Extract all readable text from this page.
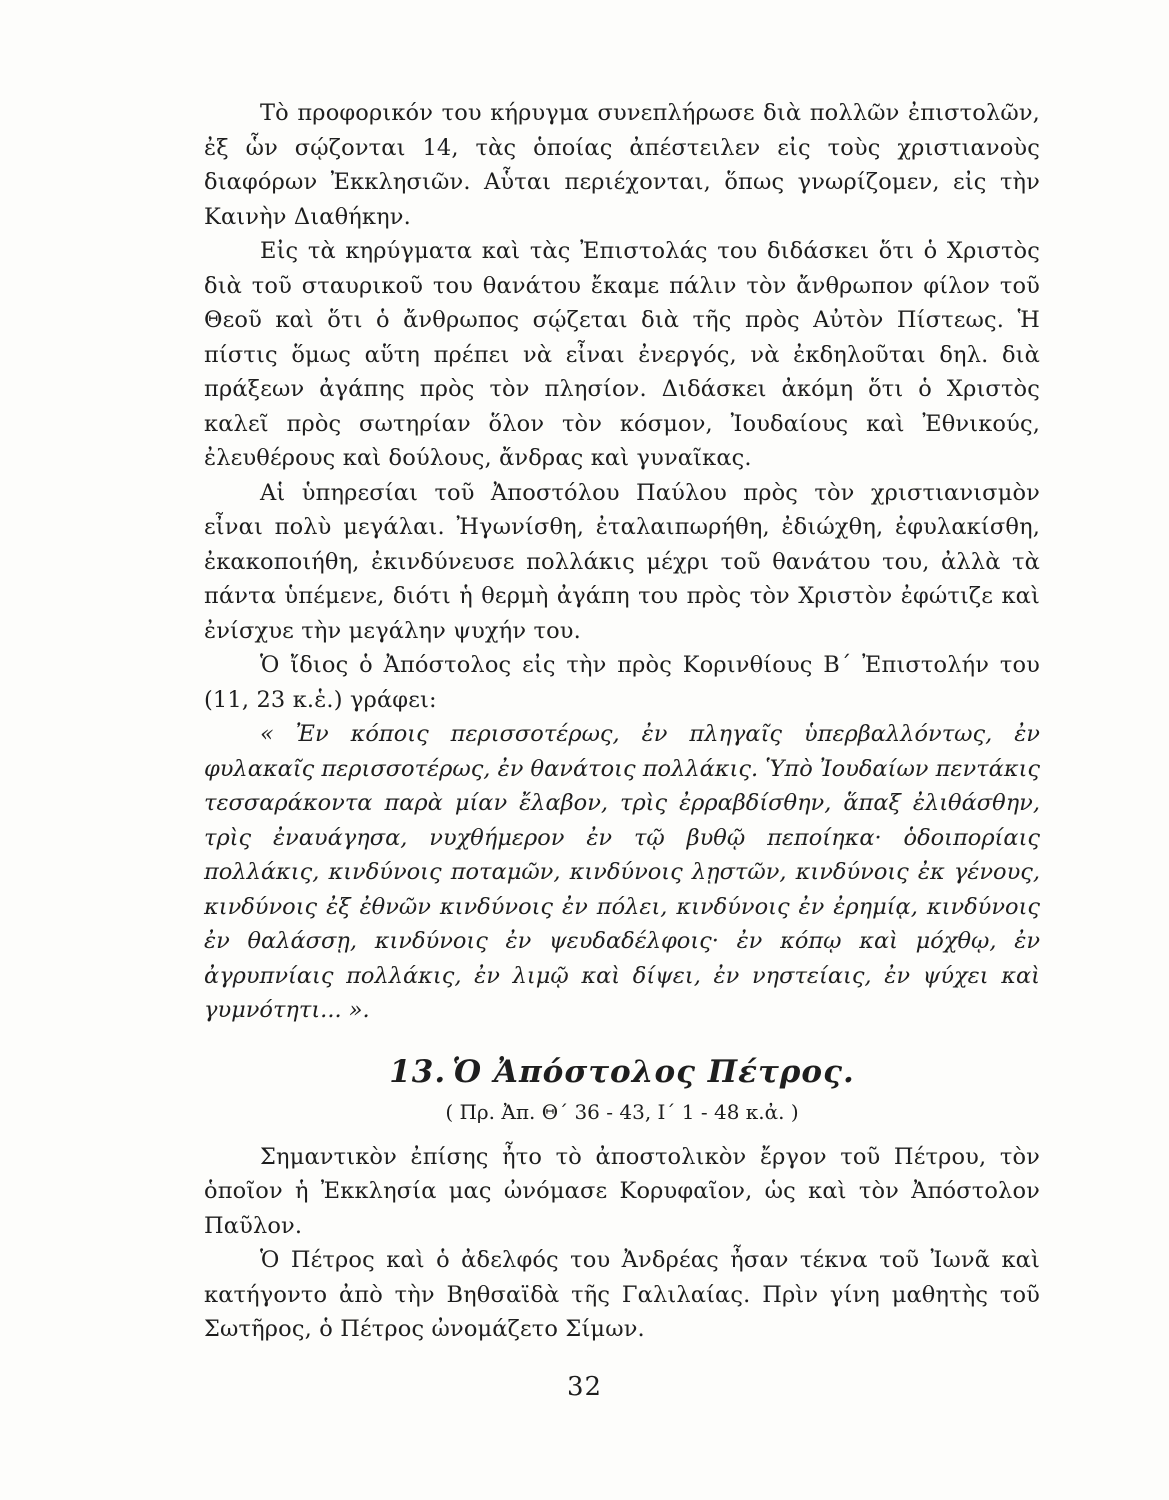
Τὸ προφορικόν του κήρυγμα συνεπλήρωσε διὰ πολλῶν ἐπιστολῶν, ἐξ ὧν σῴζονται 14, τὰς ὁποίας ἀπέστειλεν εἰς τοὺς χριστιανοὺς διαφόρων Ἐκκλησιῶν. Αὗται περιέχονται, ὅπως γνωρίζομεν, εἰς τὴν Καινὴν Διαθήκην.

Εἰς τὰ κηρύγματα καὶ τὰς Ἐπιστολάς του διδάσκει ὅτι ὁ Χριστὸς διὰ τοῦ σταυρικοῦ του θανάτου ἔκαμε πάλιν τὸν ἄνθρωπον φίλον τοῦ Θεοῦ καὶ ὅτι ὁ ἄνθρωπος σῴζεται διὰ τῆς πρὸς Αὐτὸν Πίστεως. Ἡ πίστις ὅμως αὕτη πρέπει νὰ εἶναι ἐνεργός, νὰ ἐκδηλοῦται δηλ. διὰ πράξεων ἀγάπης πρὸς τὸν πλησίον. Διδάσκει ἀκόμη ὅτι ὁ Χριστὸς καλεῖ πρὸς σωτηρίαν ὅλον τὸν κόσμον, Ἰουδαίους καὶ Ἐθνικούς, ἐλευθέρους καὶ δούλους, ἄνδρας καὶ γυναῖκας.

Αἱ ὑπηρεσίαι τοῦ Ἀποστόλου Παύλου πρὸς τὸν χριστιανισμὸν εἶναι πολὺ μεγάλαι. Ἠγωνίσθη, ἐταλαιπωρήθη, ἐδιώχθη, ἐφυλακίσθη, ἐκακοποιήθη, ἐκινδύνευσε πολλάκις μέχρι τοῦ θανάτου του, ἀλλὰ τὰ πάντα ὑπέμενε, διότι ἡ θερμὴ ἀγάπη του πρὸς τὸν Χριστὸν ἐφώτιζε καὶ ἐνίσχυε τὴν μεγάλην ψυχήν του.

Ὁ ἴδιος ὁ Ἀπόστολος εἰς τὴν πρὸς Κορινθίους Β΄ Ἐπιστολήν του (11, 23 κ.ἑ.) γράφει:

« Ἐν κόποις περισσοτέρως, ἐν πληγαῖς ὑπερβαλλόντως, ἐν φυλακαῖς περισσοτέρως, ἐν θανάτοις πολλάκις. Ὑπὸ Ἰουδαίων πεντάκις τεσσαράκοντα παρὰ μίαν ἔλαβον, τρὶς ἐρραβδίσθην, ἅπαξ ἐλιθάσθην, τρὶς ἐναυάγησα, νυχθήμερον ἐν τῷ βυθῷ πεποίηκα· ὁδοιπορίαις πολλάκις, κινδύνοις ποταμῶν, κινδύνοις λῃστῶν, κινδύνοις ἐκ γένους, κινδύνοις ἐξ ἐθνῶν κινδύνοις ἐν πόλει, κινδύνοις ἐν ἐρημίᾳ, κινδύνοις ἐν θαλάσσῃ, κινδύνοις ἐν ψευδαδέλφοις· ἐν κόπῳ καὶ μόχθῳ, ἐν ἀγρυπνίαις πολλάκις, ἐν λιμῷ καὶ δίψει, ἐν νηστείαις, ἐν ψύχει καὶ γυμνότητι... ».

13. Ὁ Ἀπόστολος Πέτρος.
( Πρ. Ἀπ. Θ΄ 36 - 43, Ι΄ 1 - 48 κ.ἀ. )

Σημαντικὸν ἐπίσης ἦτο τὸ ἀποστολικὸν ἔργον τοῦ Πέτρου, τὸν ὁποῖον ἡ Ἐκκλησία μας ὠνόμασε Κορυφαῖον, ὡς καὶ τὸν Ἀπόστολον Παῦλον.

Ὁ Πέτρος καὶ ὁ ἀδελφός του Ἀνδρέας ἦσαν τέκνα τοῦ Ἰωνᾶ καὶ κατήγοντο ἀπὸ τὴν Βηθσαϊδὰ τῆς Γαλιλαίας. Πρὶν γίνη μαθητὴς τοῦ Σωτῆρος, ὁ Πέτρος ὠνομάζετο Σίμων.

32
